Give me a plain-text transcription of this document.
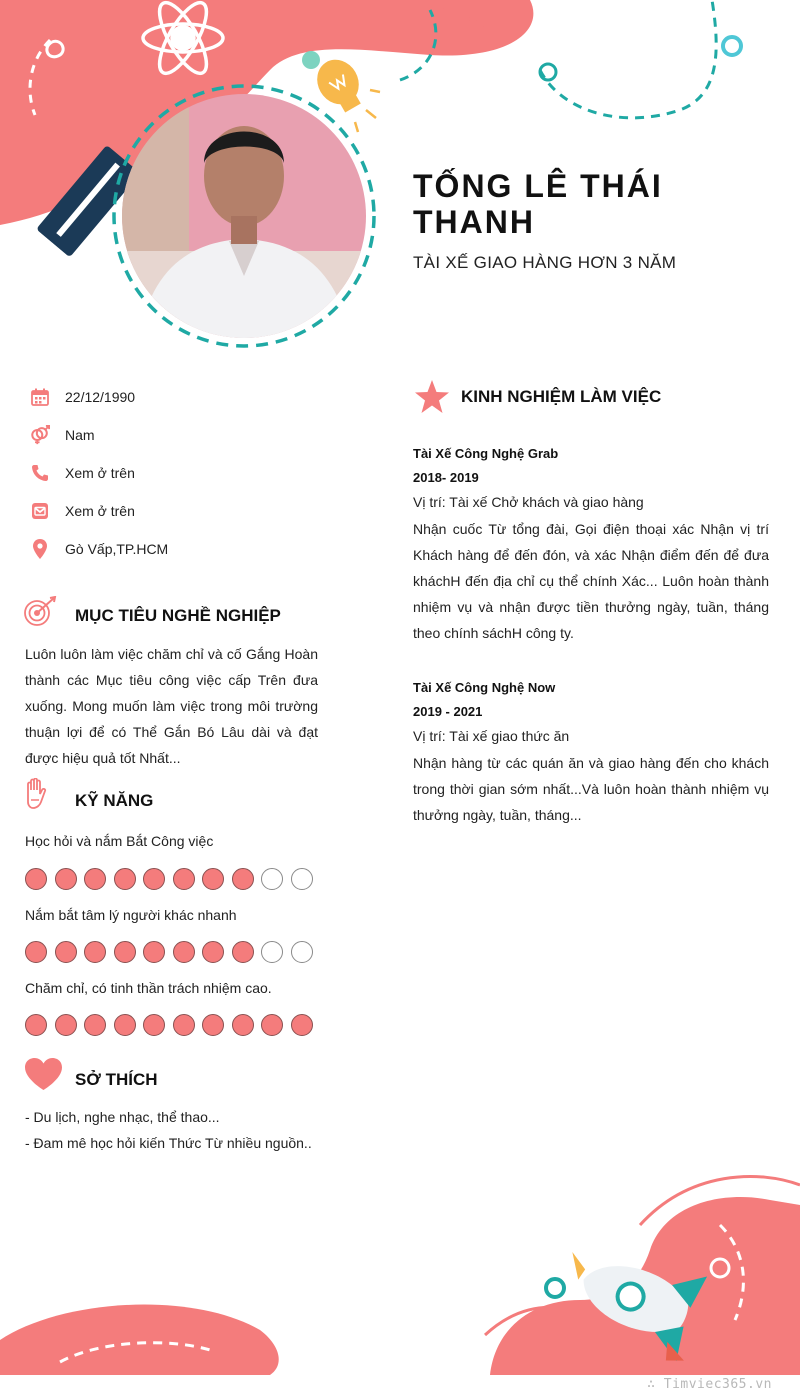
TỐNG LÊ THÁI THANH
TÀI XẾ GIAO HÀNG HƠN 3 NĂM
22/12/1990
Nam
Xem ở trên
Xem ở trên
Gò Vấp,TP.HCM
MỤC TIÊU NGHỀ NGHIỆP
Luôn luôn làm việc chăm chỉ và cố Gắng Hoàn thành các Mục tiêu công việc cấp Trên đưa xuống. Mong muốn làm việc trong môi trường thuận lợi để có Thể Gắn Bó Lâu dài và đạt được hiệu quả tốt Nhất...
KỸ NĂNG
Học hỏi và nắm Bắt Công việc
Nắm bắt tâm lý người khác nhanh
Chăm chỉ, có tinh thần trách nhiệm cao.
SỞ THÍCH
- Du lịch, nghe nhạc, thể thao...
- Đam mê học hỏi kiến Thức Từ nhiều nguồn..
KINH NGHIỆM LÀM VIỆC
Tài Xế Công Nghệ Grab
2018- 2019
Vị trí: Tài xế Chở khách và giao hàng
Nhận cuốc Từ tổng đài, Gọi điện thoại xác Nhận vị trí Khách hàng để đến đón, và xác Nhận điểm đến để đưa kháchH đến địa chỉ cụ thể chính Xác... Luôn hoàn thành nhiệm vụ và nhận được tiền thưởng ngày, tuần, tháng theo chính sáchH công ty.
Tài Xế Công Nghệ Now
2019 - 2021
Vị trí: Tài xế giao thức ăn
Nhận hàng từ các quán ăn và giao hàng đến cho khách trong thời gian sớm nhất...Và luôn hoàn thành nhiệm vụ thưởng ngày, tuần, tháng...
∴ Timviec365.vn
